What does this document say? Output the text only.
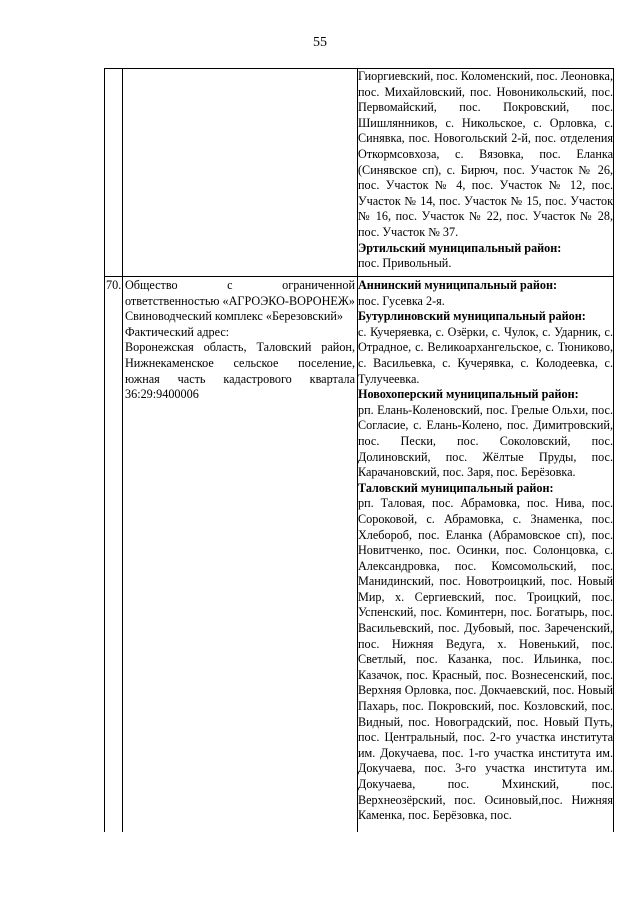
55
Гиоргиевский, пос. Коломенский, пос. Леоновка, пос. Михайловский, пос. Новоникольский, пос. Первомайский, пос. Покровский, пос. Шишлянников, с. Никольское, с. Орловка, с. Синявка, пос. Новогольский 2-й, пос. отделения Откормсовхоза, с. Вязовка, пос. Еланка (Синявское сп), с. Бирюч, пос. Участок № 26, пос. Участок № 4, пос. Участок № 12, пос. Участок № 14, пос. Участок № 15, пос. Участок № 16, пос. Участок № 22, пос. Участок № 28, пос. Участок № 37.
Эртильский муниципальный район:
пос. Привольный.
70. Общество с ограниченной ответственностью «АГРОЭКО-ВОРОНЕЖ»
Свиноводческий комплекс «Березовский»
Фактический адрес:
Воронежская область, Таловский район, Нижнекаменское сельское поселение, южная часть кадастрового квартала 36:29:9400006
Аннинский муниципальный район:
пос. Гусевка 2-я.
Бутурлиновский муниципальный район:
с. Кучеряевка, с. Озёрки, с. Чулок, с. Ударник, с. Отрадное, с. Великоархангельское, с. Тюниково, с. Васильевка, с. Кучерявка, с. Колодеевка, с. Тулучеевка.
Новохоперский муниципальный район:
рп. Елань-Коленовский, пос. Грелые Ольхи, пос. Согласие, с. Елань-Колено, пос. Димитровский, пос. Пески, пос. Соколовский, пос. Долиновский, пос. Жёлтые Пруды, пос. Карачановский, пос. Заря, пос. Берёзовка.
Таловский муниципальный район:
рп. Таловая, пос. Абрамовка, пос. Нива, пос. Сороковой, с. Абрамовка, с. Знаменка, пос. Хлебороб, пос. Еланка (Абрамовское сп), пос. Новитченко, пос. Осинки, пос. Солонцовка, с. Александровка, пос. Комсомольский, пос. Манидинский, пос. Новотроицкий, пос. Новый Мир, х. Сергиевский, пос. Троицкий, пос. Успенский, пос. Коминтерн, пос. Богатырь, пос. Васильевский, пос. Дубовый, пос. Зареченский, пос. Нижняя Ведуга, х. Новенький, пос. Светлый, пос. Казанка, пос. Ильинка, пос. Казачок, пос. Красный, пос. Вознесенский, пос. Верхняя Орловка, пос. Докчаевский, пос. Новый Пахарь, пос. Покровский, пос. Козловский, пос. Видный, пос. Новоградский, пос. Новый Путь, пос. Центральный, пос. 2-го участка института им. Докучаева, пос. 1-го участка института им. Докучаева, пос. 3-го участка института им. Докучаева, пос. Мхинский, пос. Верхнеозёрский, пос. Осиновый,пос. Нижняя Каменка, пос. Берёзовка, пос.
